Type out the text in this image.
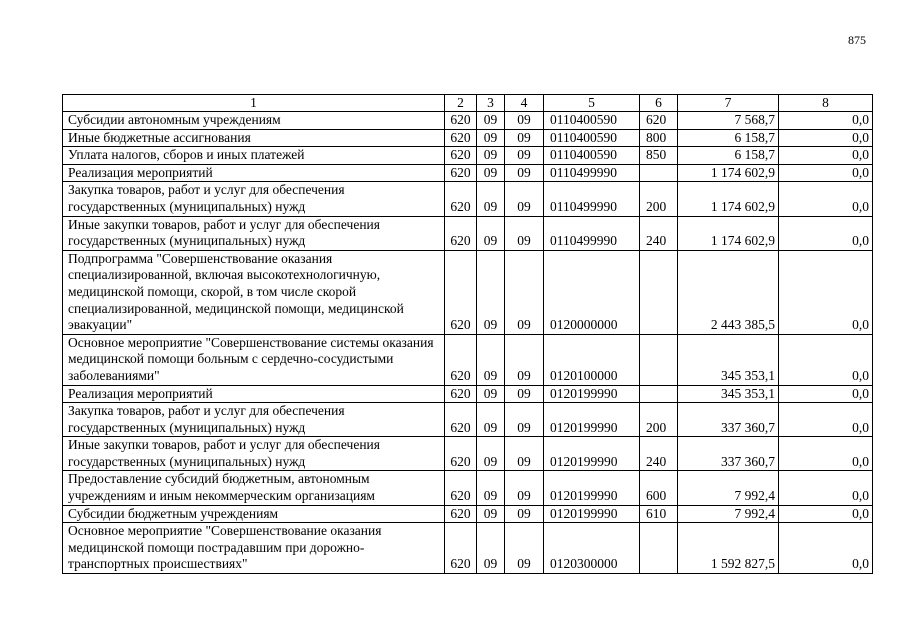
875
1	2	3	4	5	6	7	8
Субсидии автономным учреждениям	620	09	09	0110400590	620	7 568,7	0,0
Иные бюджетные ассигнования	620	09	09	0110400590	800	6 158,7	0,0
Уплата налогов, сборов и иных платежей	620	09	09	0110400590	850	6 158,7	0,0
Реализация мероприятий	620	09	09	0110499990		1 174 602,9	0,0
Закупка товаров, работ и услуг для обеспечения государственных (муниципальных) нужд	620	09	09	0110499990	200	1 174 602,9	0,0
Иные закупки товаров, работ и услуг для обеспечения государственных (муниципальных) нужд	620	09	09	0110499990	240	1 174 602,9	0,0
Подпрограмма "Совершенствование оказания специализированной, включая высокотехнологичную, медицинской помощи, скорой, в том числе скорой специализированной, медицинской помощи, медицинской эвакуации"	620	09	09	0120000000		2 443 385,5	0,0
Основное мероприятие "Совершенствование системы оказания медицинской помощи больным с сердечно-сосудистыми заболеваниями"	620	09	09	0120100000		345 353,1	0,0
Реализация мероприятий	620	09	09	0120199990		345 353,1	0,0
Закупка товаров, работ и услуг для обеспечения государственных (муниципальных) нужд	620	09	09	0120199990	200	337 360,7	0,0
Иные закупки товаров, работ и услуг для обеспечения государственных (муниципальных) нужд	620	09	09	0120199990	240	337 360,7	0,0
Предоставление субсидий бюджетным, автономным учреждениям и иным некоммерческим организациям	620	09	09	0120199990	600	7 992,4	0,0
Субсидии бюджетным учреждениям	620	09	09	0120199990	610	7 992,4	0,0
Основное мероприятие "Совершенствование оказания медицинской помощи пострадавшим при дорожно-транспортных происшествиях"	620	09	09	0120300000		1 592 827,5	0,0
